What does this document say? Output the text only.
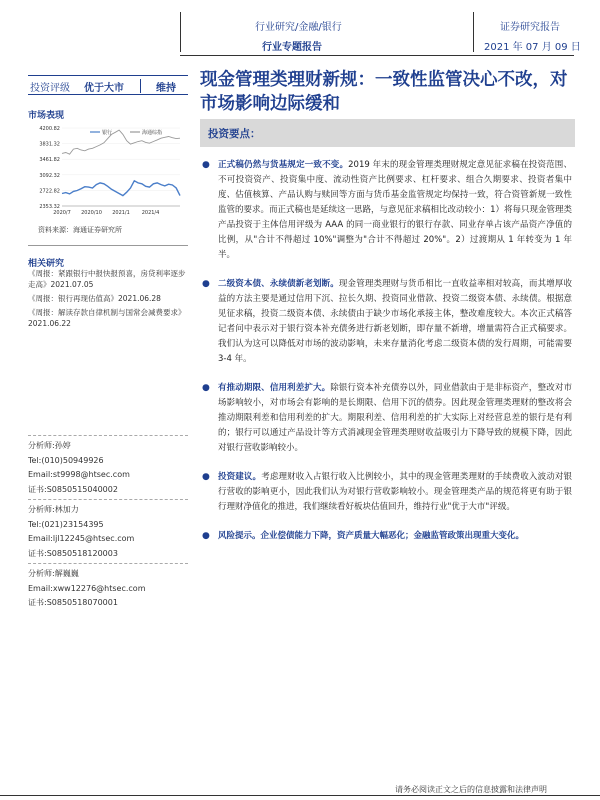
行业研究/金融/银行
行业专题报告
证券研究报告
2021 年 07 月 09 日
投资评级 优于大市	维持
市场表现
4200.82
3831.32
3461.82
3092.32
2722.82
2353.32
2020/7 2020/10 2021/1 2021/4
银行	海通综指
资料来源：海通证券研究所
相关研究
《周报：紧跟银行中报快报预喜，房贷利率逐步走高》2021.07.05
《周报：银行再现估值高》2021.06.28
《周报：解读存款自律机制与国常会减费要求》2021.06.22
分析师:孙婷
Tel:(010)50949926
Email:st9998@htsec.com
证书:S0850515040002
分析师:林加力
Tel:(021)23154395
Email:ljl12245@htsec.com
证书:S0850518120003
分析师:解巍巍
Email:xww12276@htsec.com
证书:S0850518070001
现金管理类理财新规：一致性监管决心不改，对市场影响边际缓和
投资要点：
● 正式稿仍然与货基规定一致不变。2019 年末的现金管理类理财规定意见征求稿在投资范围、不可投资资产、投资集中度、流动性资产比例要求、杠杆要求、组合久期要求、投资者集中度、估值核算、产品认购与赎回等方面与货币基金监管规定均保持一致，符合资管新规一致性监管的要求。而正式稿也是延续这一思路，与意见征求稿相比改动较小：1）将每只现金管理类产品投资于主体信用评级为 AAA 的同一商业银行的银行存款、同业存单占该产品资产净值的比例，从"合计不得超过 10%"调整为"合计不得超过 20%"。2）过渡期从 1 年转变为 1 年半。
● 二级资本债、永续债新老划断。现金管理类理财与货币相比一直收益率相对较高，而其增厚收益的方法主要是通过信用下沉、拉长久期、投资同业借款、投资二级资本债、永续债。根据意见征求稿，投资二级资本债、永续债由于缺少市场化承接主体，整改难度较大。本次正式稿答记者问中表示对于银行资本补充债务进行新老划断，即存量不新增，增量需符合正式稿要求。我们认为这可以降低对市场的波动影响，未来存量消化考虑二级资本债的发行周期，可能需要 3-4 年。
● 有推动期限、信用利差扩大。除银行资本补充债券以外，同业借款由于是非标资产，整改对市场影响较小，对市场会有影响的是长期限、信用下沉的债券。因此现金管理类理财的整改将会推动期限利差和信用利差的扩大。期限利差、信用利差的扩大实际上对经营息差的银行是有利的；银行可以通过产品设计等方式消减现金管理类理财收益吸引力下降导致的规模下降，因此对银行营收影响较小。
● 投资建议。考虑理财收入占银行收入比例较小，其中的现金管理类理财的手续费收入波动对银行营收的影响更小，因此我们认为对银行营收影响较小。现金管理类产品的规范将更有助于银行理财净值化的推进，我们继续看好板块估值回升，维持行业"优于大市"评级。
● 风险提示。企业偿债能力下降，资产质量大幅恶化；金融监管政策出现重大变化。
请务必阅读正文之后的信息披露和法律声明
